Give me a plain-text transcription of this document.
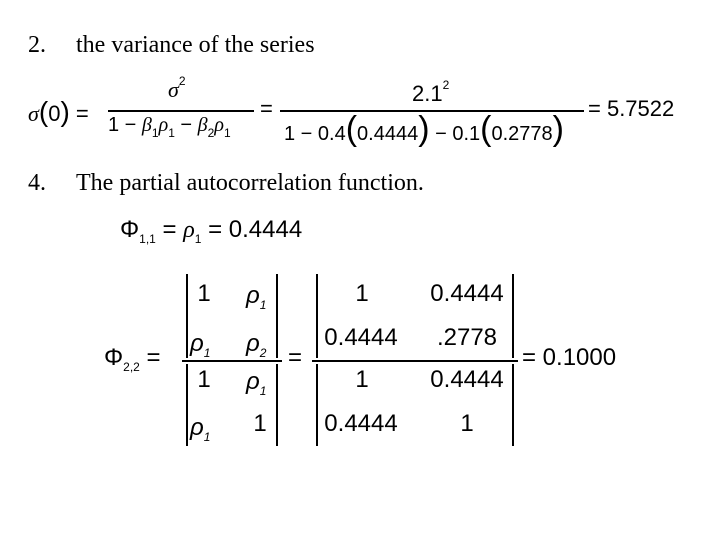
2. the variance of the series
σ(0) =
$\sigma^2$
$1 - \beta_1\rho_1 - \beta_2\rho_1$
=
$2.1^2$
1 − 0.4(0.4444) − 0.1(0.2778)
= 5.7522
4. The partial autocorrelation function.
$\Phi_{1,1} = \rho_1 = 0.4444$
$\Phi_{2,2}$ =
1 $\rho_1$
$\rho_1$ $\rho_2$
1 $\rho_1$
$\rho_1$ 1
=
1	0.4444
0.4444	.2778
1	0.4444
0.4444	1
= 0.1000
